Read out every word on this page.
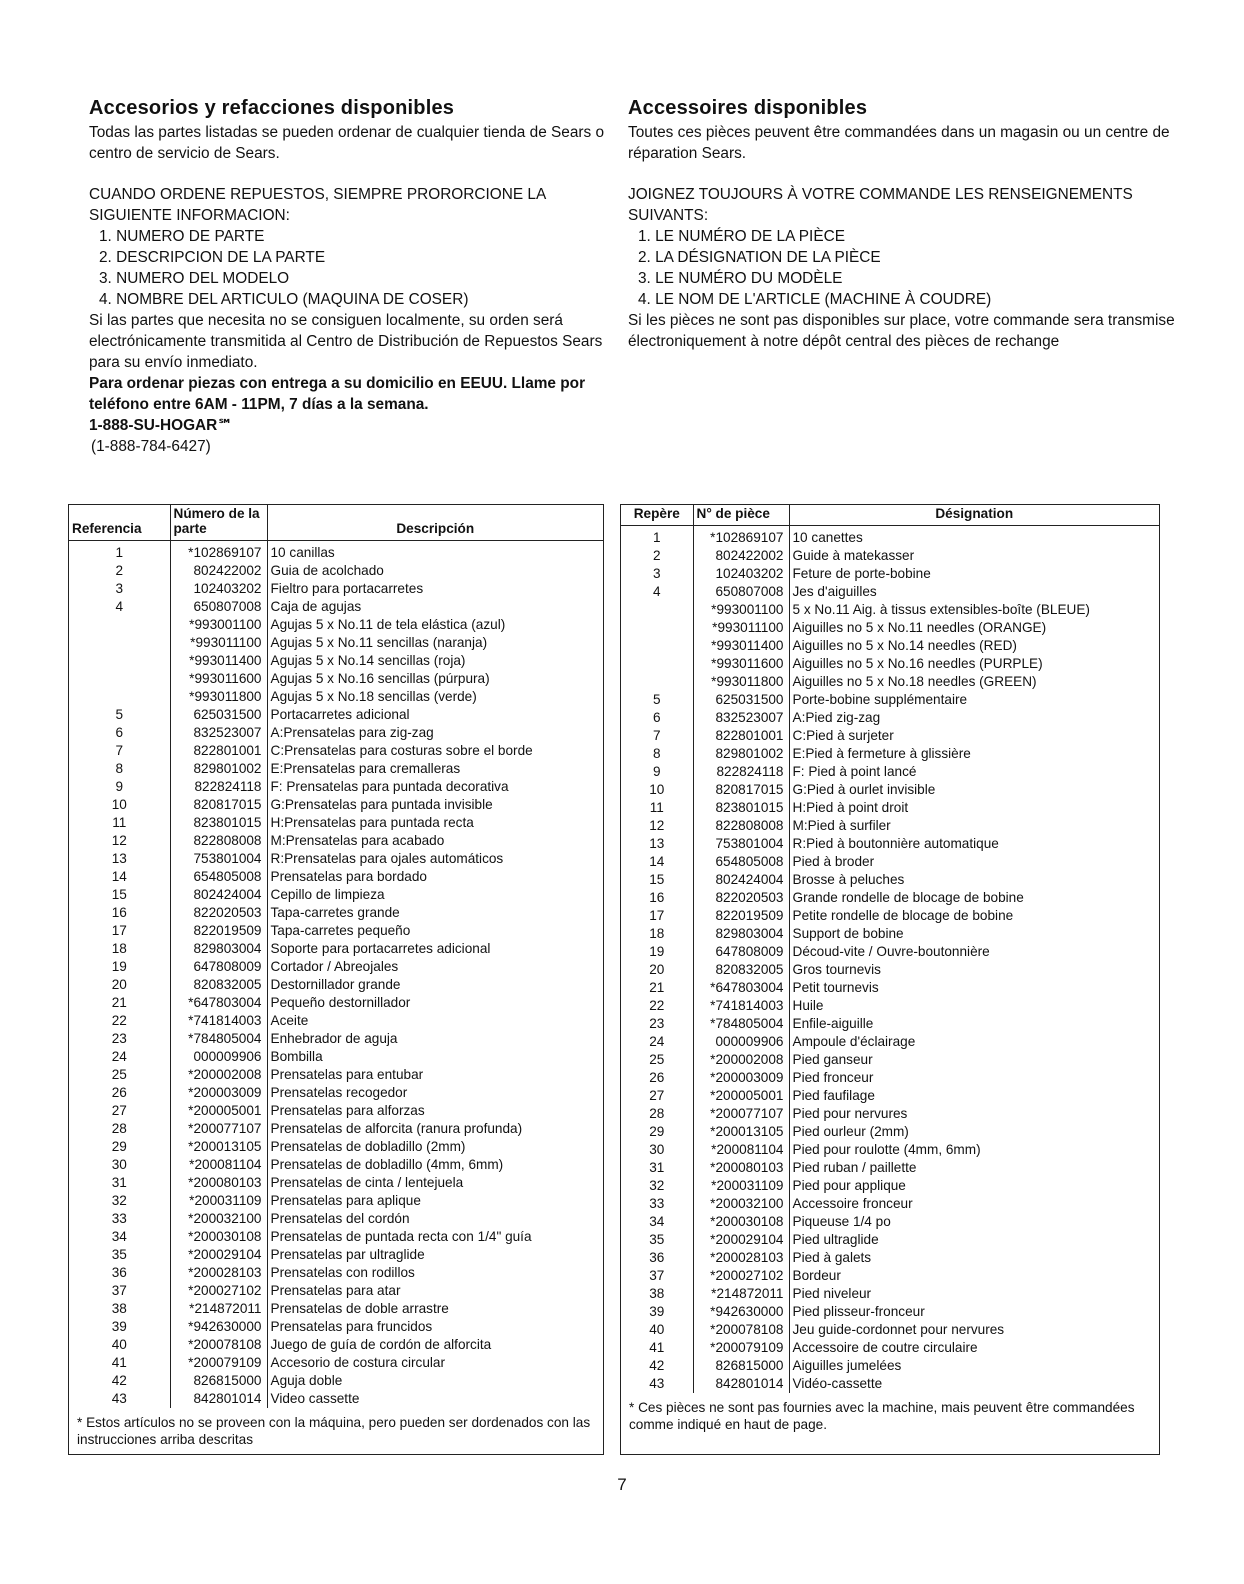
Accesorios y refacciones disponibles
Todas las partes listadas se pueden ordenar de cualquier tienda de Sears o centro de servicio de Sears.
CUANDO ORDENE REPUESTOS, SIEMPRE PRORORCIONE LA SIGUIENTE INFORMACION:
1. NUMERO DE PARTE
2. DESCRIPCION DE LA PARTE
3. NUMERO DEL MODELO
4. NOMBRE DEL ARTICULO (MAQUINA DE COSER)
Si las partes que necesita no se consiguen localmente, su orden será electrónicamente transmitida al Centro de Distribución de Repuestos Sears para su envío inmediato.
Para ordenar piezas con entrega a su domicilio en EEUU. Llame por teléfono entre 6AM - 11PM, 7 días a la semana.
1-888-SU-HOGAR℠
(1-888-784-6427)
Accessoires disponibles
Toutes ces pièces peuvent être commandées dans un magasin ou un centre de réparation Sears.
JOIGNEZ TOUJOURS À VOTRE COMMANDE LES RENSEIGNEMENTS SUIVANTS:
1. LE NUMÉRO DE LA PIÈCE
2. LA DÉSIGNATION DE LA PIÈCE
3. LE NUMÉRO DU MODÈLE
4. LE NOM DE L'ARTICLE (MACHINE À COUDRE)
Si les pièces ne sont pas disponibles sur place, votre commande sera transmise électroniquement à notre dépôt central des pièces de rechange
Referencia	Número de la parte	Descripción
1	*102869107	10 canillas
2	802422002	Guia de acolchado
3	102403202	Fieltro para portacarretes
4	650807008	Caja de agujas
	*993001100	Agujas 5 x No.11 de tela elástica (azul)
	*993011100	Agujas 5 x No.11 sencillas (naranja)
	*993011400	Agujas 5 x No.14 sencillas (roja)
	*993011600	Agujas 5 x No.16 sencillas (púrpura)
	*993011800	Agujas 5 x No.18 sencillas (verde)
5	625031500	Portacarretes adicional
6	832523007	A:Prensatelas para zig-zag
7	822801001	C:Prensatelas para costuras sobre el borde
8	829801002	E:Prensatelas para cremalleras
9	822824118	F: Prensatelas para puntada decorativa
10	820817015	G:Prensatelas para puntada invisible
11	823801015	H:Prensatelas para puntada recta
12	822808008	M:Prensatelas para acabado
13	753801004	R:Prensatelas para ojales automáticos
14	654805008	Prensatelas para bordado
15	802424004	Cepillo de limpieza
16	822020503	Tapa-carretes grande
17	822019509	Tapa-carretes pequeño
18	829803004	Soporte para portacarretes adicional
19	647808009	Cortador / Abreojales
20	820832005	Destornillador grande
21	*647803004	Pequeño destornillador
22	*741814003	Aceite
23	*784805004	Enhebrador de aguja
24	000009906	Bombilla
25	*200002008	Prensatelas para entubar
26	*200003009	Prensatelas recogedor
27	*200005001	Prensatelas para alforzas
28	*200077107	Prensatelas de alforcita (ranura profunda)
29	*200013105	Prensatelas de dobladillo (2mm)
30	*200081104	Prensatelas de dobladillo (4mm, 6mm)
31	*200080103	Prensatelas de cinta / lentejuela
32	*200031109	Prensatelas para aplique
33	*200032100	Prensatelas del cordón
34	*200030108	Prensatelas de puntada recta con 1/4" guía
35	*200029104	Prensatelas par ultraglide
36	*200028103	Prensatelas con rodillos
37	*200027102	Prensatelas para atar
38	*214872011	Prensatelas de doble arrastre
39	*942630000	Prensatelas para fruncidos
40	*200078108	Juego de guía de cordón de alforcita
41	*200079109	Accesorio de costura circular
42	826815000	Aguja doble
43	842801014	Video cassette
* Estos artículos no se proveen con la máquina, pero pueden ser dordenados con las instrucciones arriba descritas
Repère	N° de pièce	Désignation
1	*102869107	10 canettes
2	802422002	Guide à matekasser
3	102403202	Feture de porte-bobine
4	650807008	Jes d'aiguilles
	*993001100	5 x No.11 Aig. à tissus extensibles-boîte (BLEUE)
	*993011100	Aiguilles no 5 x No.11 needles (ORANGE)
	*993011400	Aiguilles no 5 x No.14 needles (RED)
	*993011600	Aiguilles no 5 x No.16 needles (PURPLE)
	*993011800	Aiguilles no 5 x No.18 needles (GREEN)
5	625031500	Porte-bobine supplémentaire
6	832523007	A:Pied zig-zag
7	822801001	C:Pied à surjeter
8	829801002	E:Pied à fermeture à glissière
9	822824118	F: Pied à point lancé
10	820817015	G:Pied à ourlet invisible
11	823801015	H:Pied à point droit
12	822808008	M:Pied à surfiler
13	753801004	R:Pied à boutonnière automatique
14	654805008	Pied à broder
15	802424004	Brosse à peluches
16	822020503	Grande rondelle de blocage de bobine
17	822019509	Petite rondelle de blocage de bobine
18	829803004	Support de bobine
19	647808009	Découd-vite / Ouvre-boutonnière
20	820832005	Gros tournevis
21	*647803004	Petit tournevis
22	*741814003	Huile
23	*784805004	Enfile-aiguille
24	000009906	Ampoule d'éclairage
25	*200002008	Pied ganseur
26	*200003009	Pied fronceur
27	*200005001	Pied faufilage
28	*200077107	Pied pour nervures
29	*200013105	Pied ourleur (2mm)
30	*200081104	Pied pour roulotte (4mm, 6mm)
31	*200080103	Pied ruban / paillette
32	*200031109	Pied pour applique
33	*200032100	Accessoire fronceur
34	*200030108	Piqueuse 1/4 po
35	*200029104	Pied ultraglide
36	*200028103	Pied à galets
37	*200027102	Bordeur
38	*214872011	Pied niveleur
39	*942630000	Pied plisseur-fronceur
40	*200078108	Jeu guide-cordonnet pour nervures
41	*200079109	Accessoire de coutre circulaire
42	826815000	Aiguilles jumelées
43	842801014	Vidéo-cassette
* Ces pièces ne sont pas fournies avec la machine, mais peuvent être commandées comme indiqué en haut de page.
7
